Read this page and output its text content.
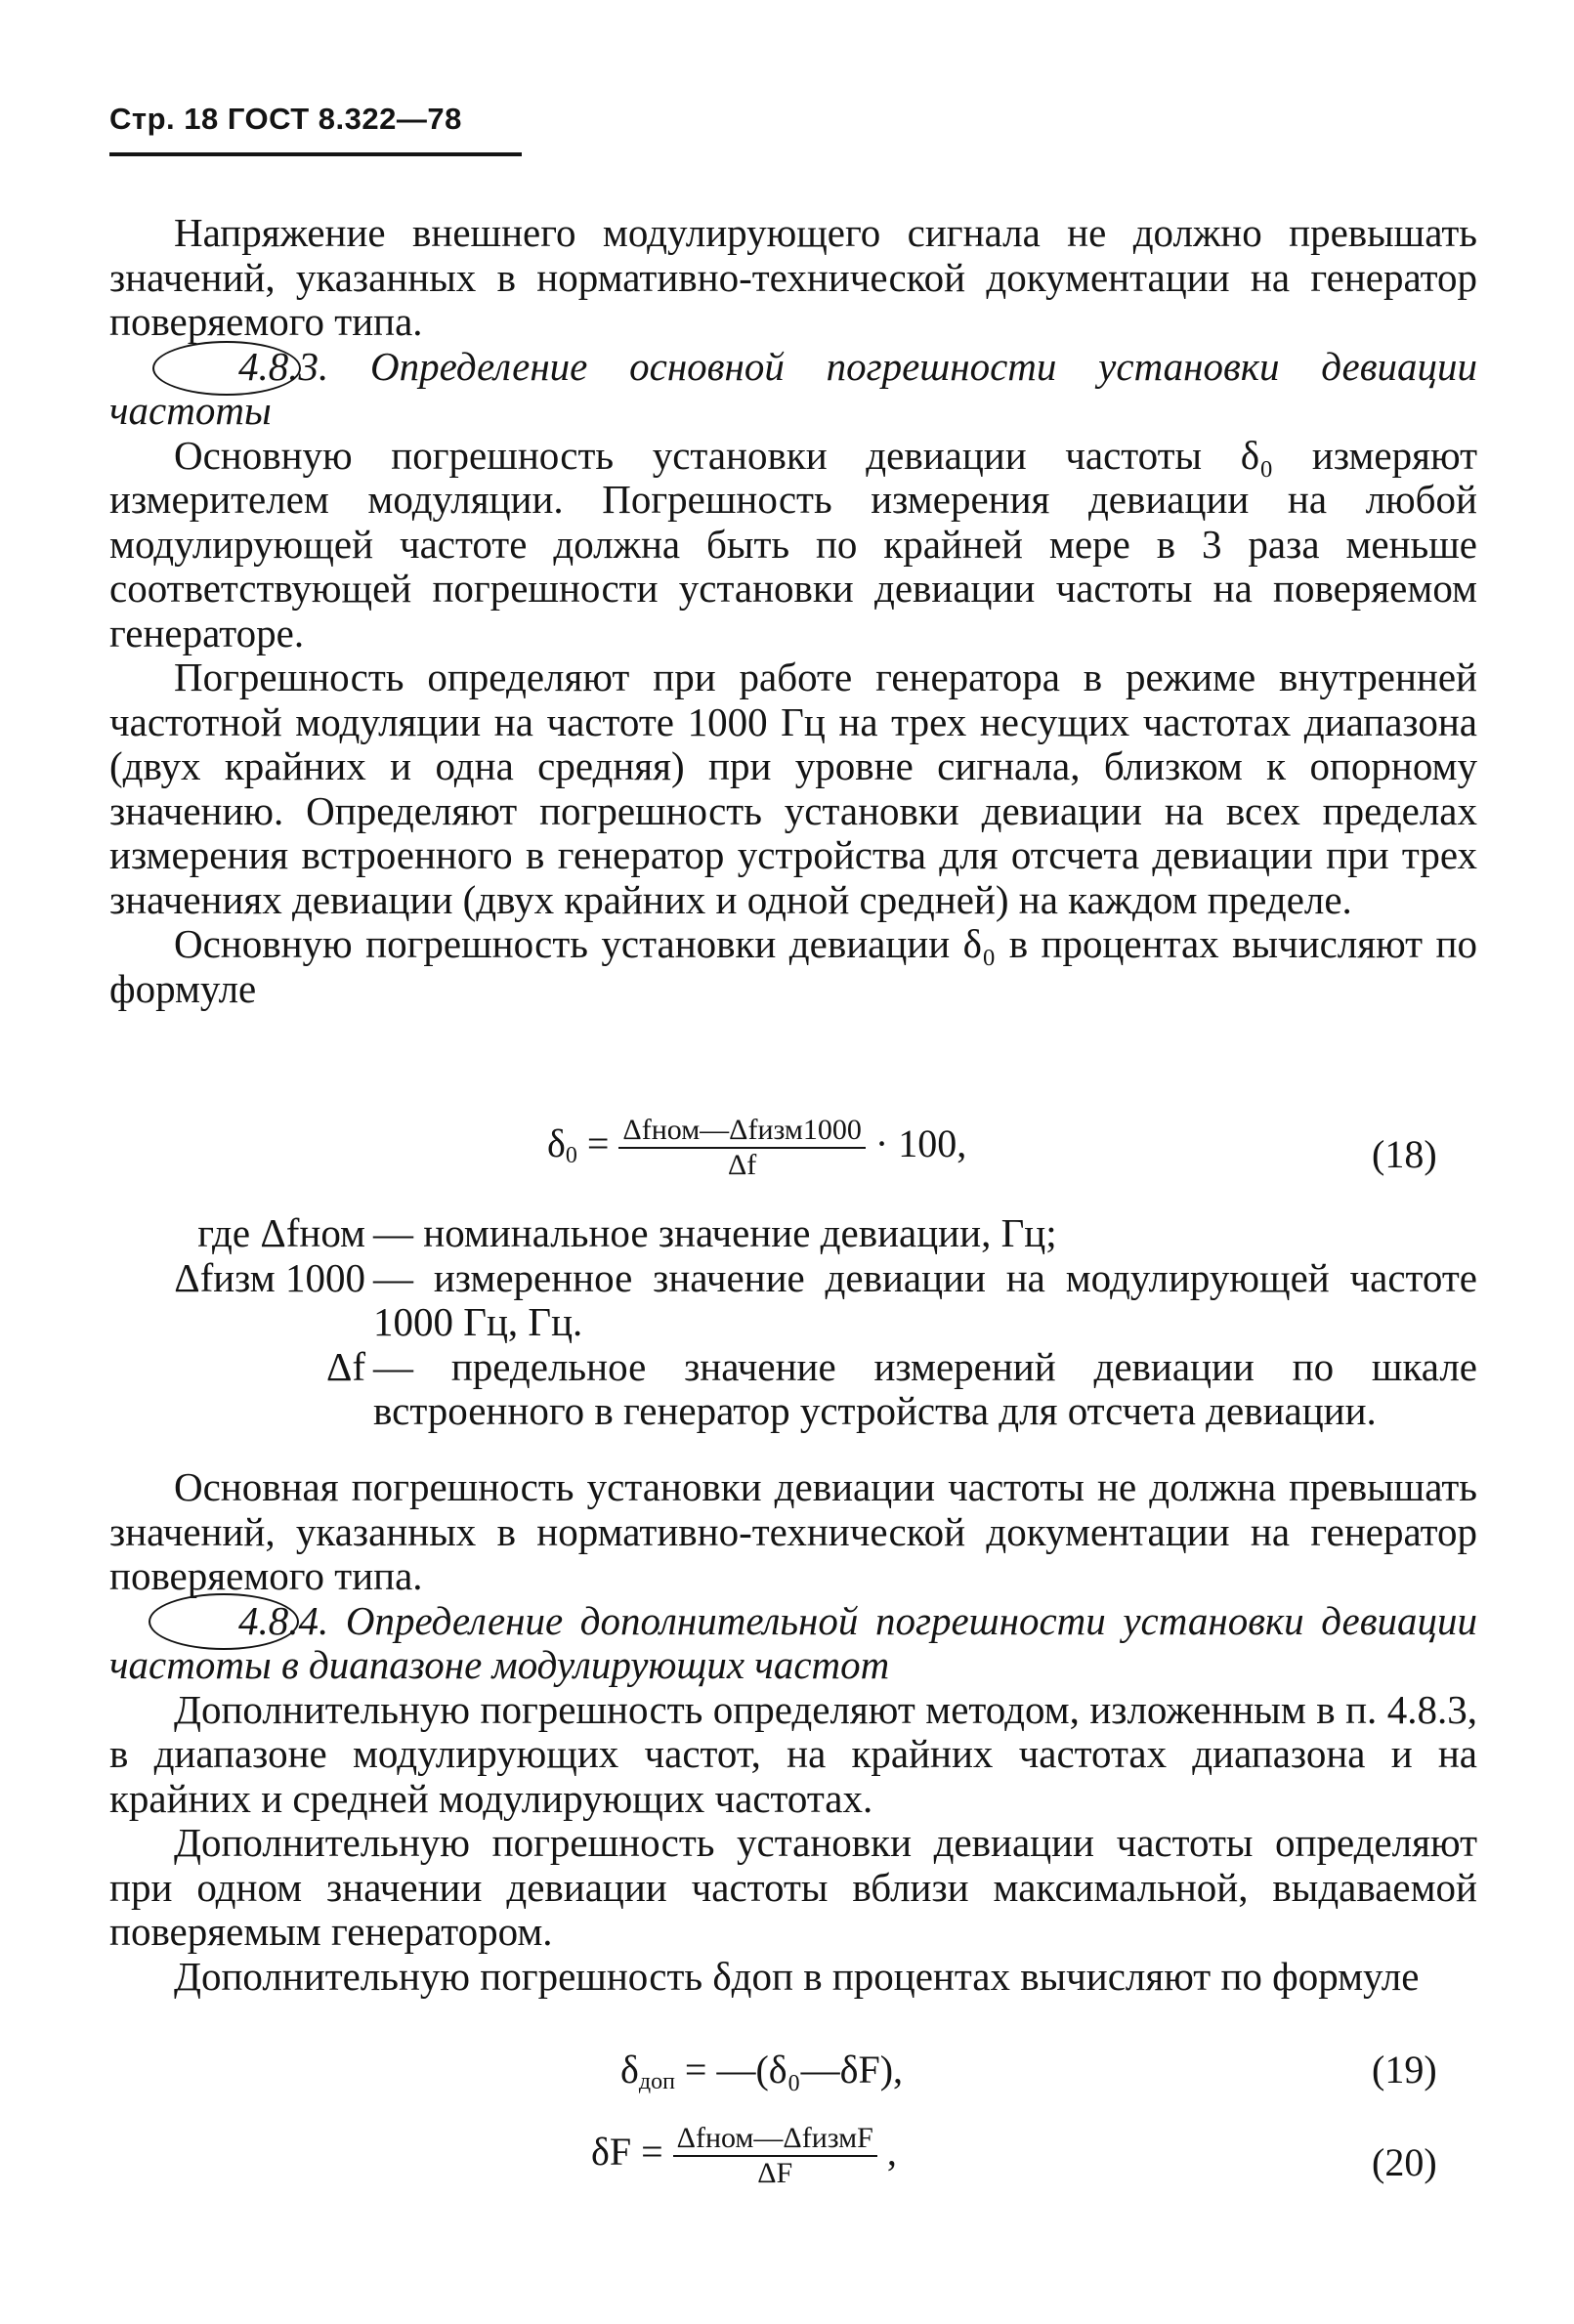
Стр. 18 ГОСТ 8.322—78

Напряжение внешнего модулирующего сигнала не должно превышать значений, указанных в нормативно-технической документации на генератор поверяемого типа.

4.8.3. Определение основной погрешности установки девиации частоты

Основную погрешность установки девиации частоты δ₀ измеряют измерителем модуляции. Погрешность измерения девиации на любой модулирующей частоте должна быть по крайней мере в 3 раза меньше соответствующей погрешности установки девиации частоты на поверяемом генераторе.

Погрешность определяют при работе генератора в режиме внутренней частотной модуляции на частоте 1000 Гц на трех несущих частотах диапазона (двух крайних и одна средняя) при уровне сигнала, близком к опорному значению. Определяют погрешность установки девиации на всех пределах измерения встроенного в генератор устройства для отсчета девиации при трех значениях девиации (двух крайних и одной средней) на каждом пределе.

Основную погрешность установки девиации δ₀ в процентах вычисляют по формуле

$\delta_0 = \frac{\text{Δfном—Δfизм1000}}{\Delta f} \cdot 100$,	(18)
где Δfном — номинальное значение девиации, Гц;
Δfизм 1000 — измеренное значение девиации на модулирующей частоте 1000 Гц, Гц.
Δf — предельное значение измерений девиации по шкале встроенного в генератор устройства для отсчета девиации.

Основная погрешность установки девиации частоты не должна превышать значений, указанных в нормативно-технической документации на генератор поверяемого типа.

4.8.4. Определение дополнительной погрешности установки девиации частоты в диапазоне модулирующих частот

Дополнительную погрешность определяют методом, изложенным в п. 4.8.3, в диапазоне модулирующих частот, на крайних частотах диапазона и на крайних и средней модулирующих частотах.

Дополнительную погрешность установки девиации частоты определяют при одном значении девиации частоты вблизи максимальной, выдаваемой поверяемым генератором.

Дополнительную погрешность δдоп в процентах вычисляют по формуле

$\delta_{доп}$ = —(δ₀—δF),	(19)
$\delta F = \frac{\text{Δfном—ΔfизмF}}{\Delta F}$ ,	(20)
